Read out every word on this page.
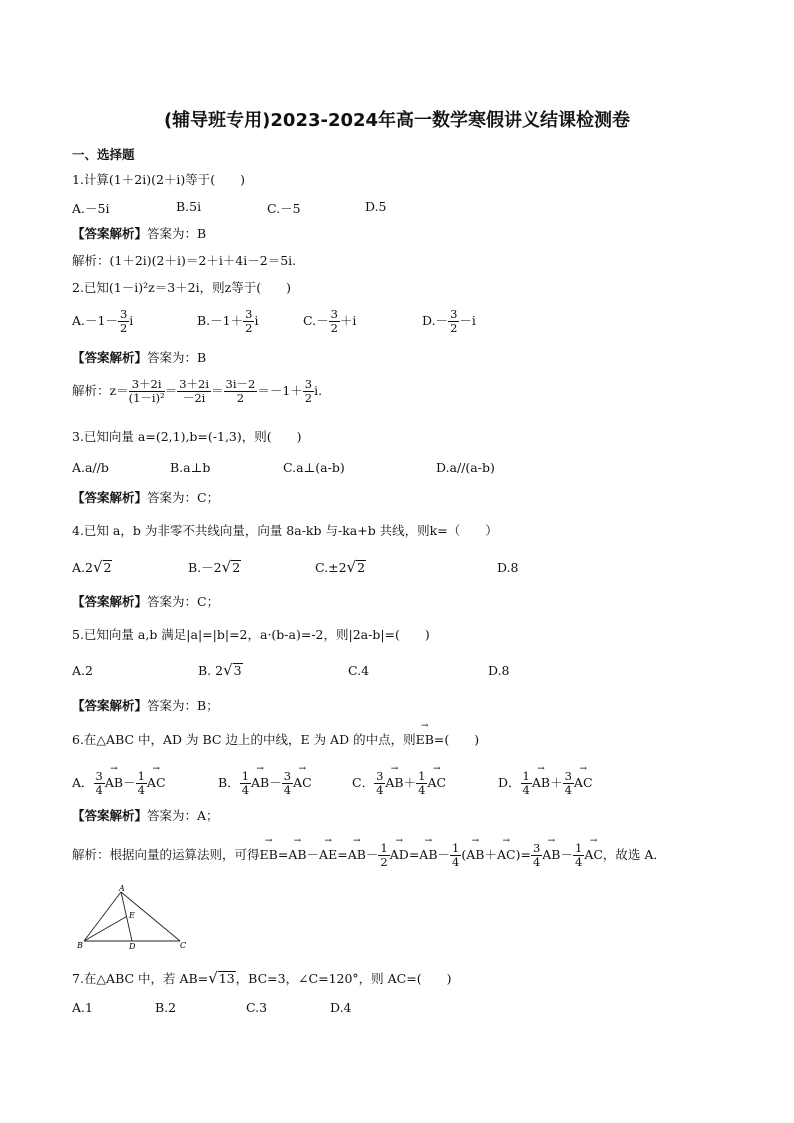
(辅导班专用)2023-2024年高一数学寒假讲义结课检测卷
一、选择题
1.计算(1＋2i)(2＋i)等于(　　)
A.－5i	B.5i	C.－5	D.5
【答案解析】答案为：B
解析：(1＋2i)(2＋i)＝2＋i＋4i－2＝5i.
2.已知(1－i)²z＝3＋2i，则z等于(　　)
$A.-1- \frac{3}{2}$ i	$B.-1+ \frac{3}{2}$ i	$C.- \frac{3}{2} +i$	$D.- \frac{3}{2} -i$
【答案解析】答案为：B
解析：$z= \frac{3+2i}{\text{(1－i)²}} = \frac{3+2i}{-2i} = \frac{3i-2}{2} =-1+ \frac{3}{2} i$.
3.已知向量 a=(2,1),b=(-1,3)，则(　　)
A.a//b	B.a⊥b	C.a⊥(a-b)	D.a//(a-b)
【答案解析】答案为：C；
4.已知 a，b 为非零不共线向量，向量 8a-kb 与-ka+b 共线，则k=（　　）
A.2√2	B.－2√2	C.±2√2	D.8
【答案解析】答案为：C；
5.已知向量 a,b 满足|a|=|b|=2，a·(b-a)=-2，则|2a-b|=(　　)
A.2	B. 2√3	C.4	D.8
【答案解析】答案为：B；
6.在△ABC 中，AD 为 BC 边上的中线，E 为 AD 的中点，则→ EB=(　　)
A． $\frac{3}{4}$
→ $AB- \frac{1}{4}$
→ AC	B． $\frac{1}{4}$
→ $AB- \frac{3}{4}$
→ AC	C． $\frac{3}{4}$
→ $AB+ \frac{1}{4}$
→ AC	D． $\frac{1}{4}$
→ $AB+ \frac{3}{4}$
→ AC
【答案解析】答案为：A；
解析：根据向量的运算法则，可得→ $EB=\to AB-\to AE=\to AB- \frac{1}{2}$
→ $AD=\to AB- \frac{1}{4}$ (→ $AB+\to AC)= \frac{3}{4}$
→ $AB- \frac{1}{4}$
→ AC，故选 A．
A
B	C
D
E
7.在△ABC 中，若 AB=√13，BC=3，∠C=120°，则 AC=(　　)
A.1	B.2	C.3	D.4
